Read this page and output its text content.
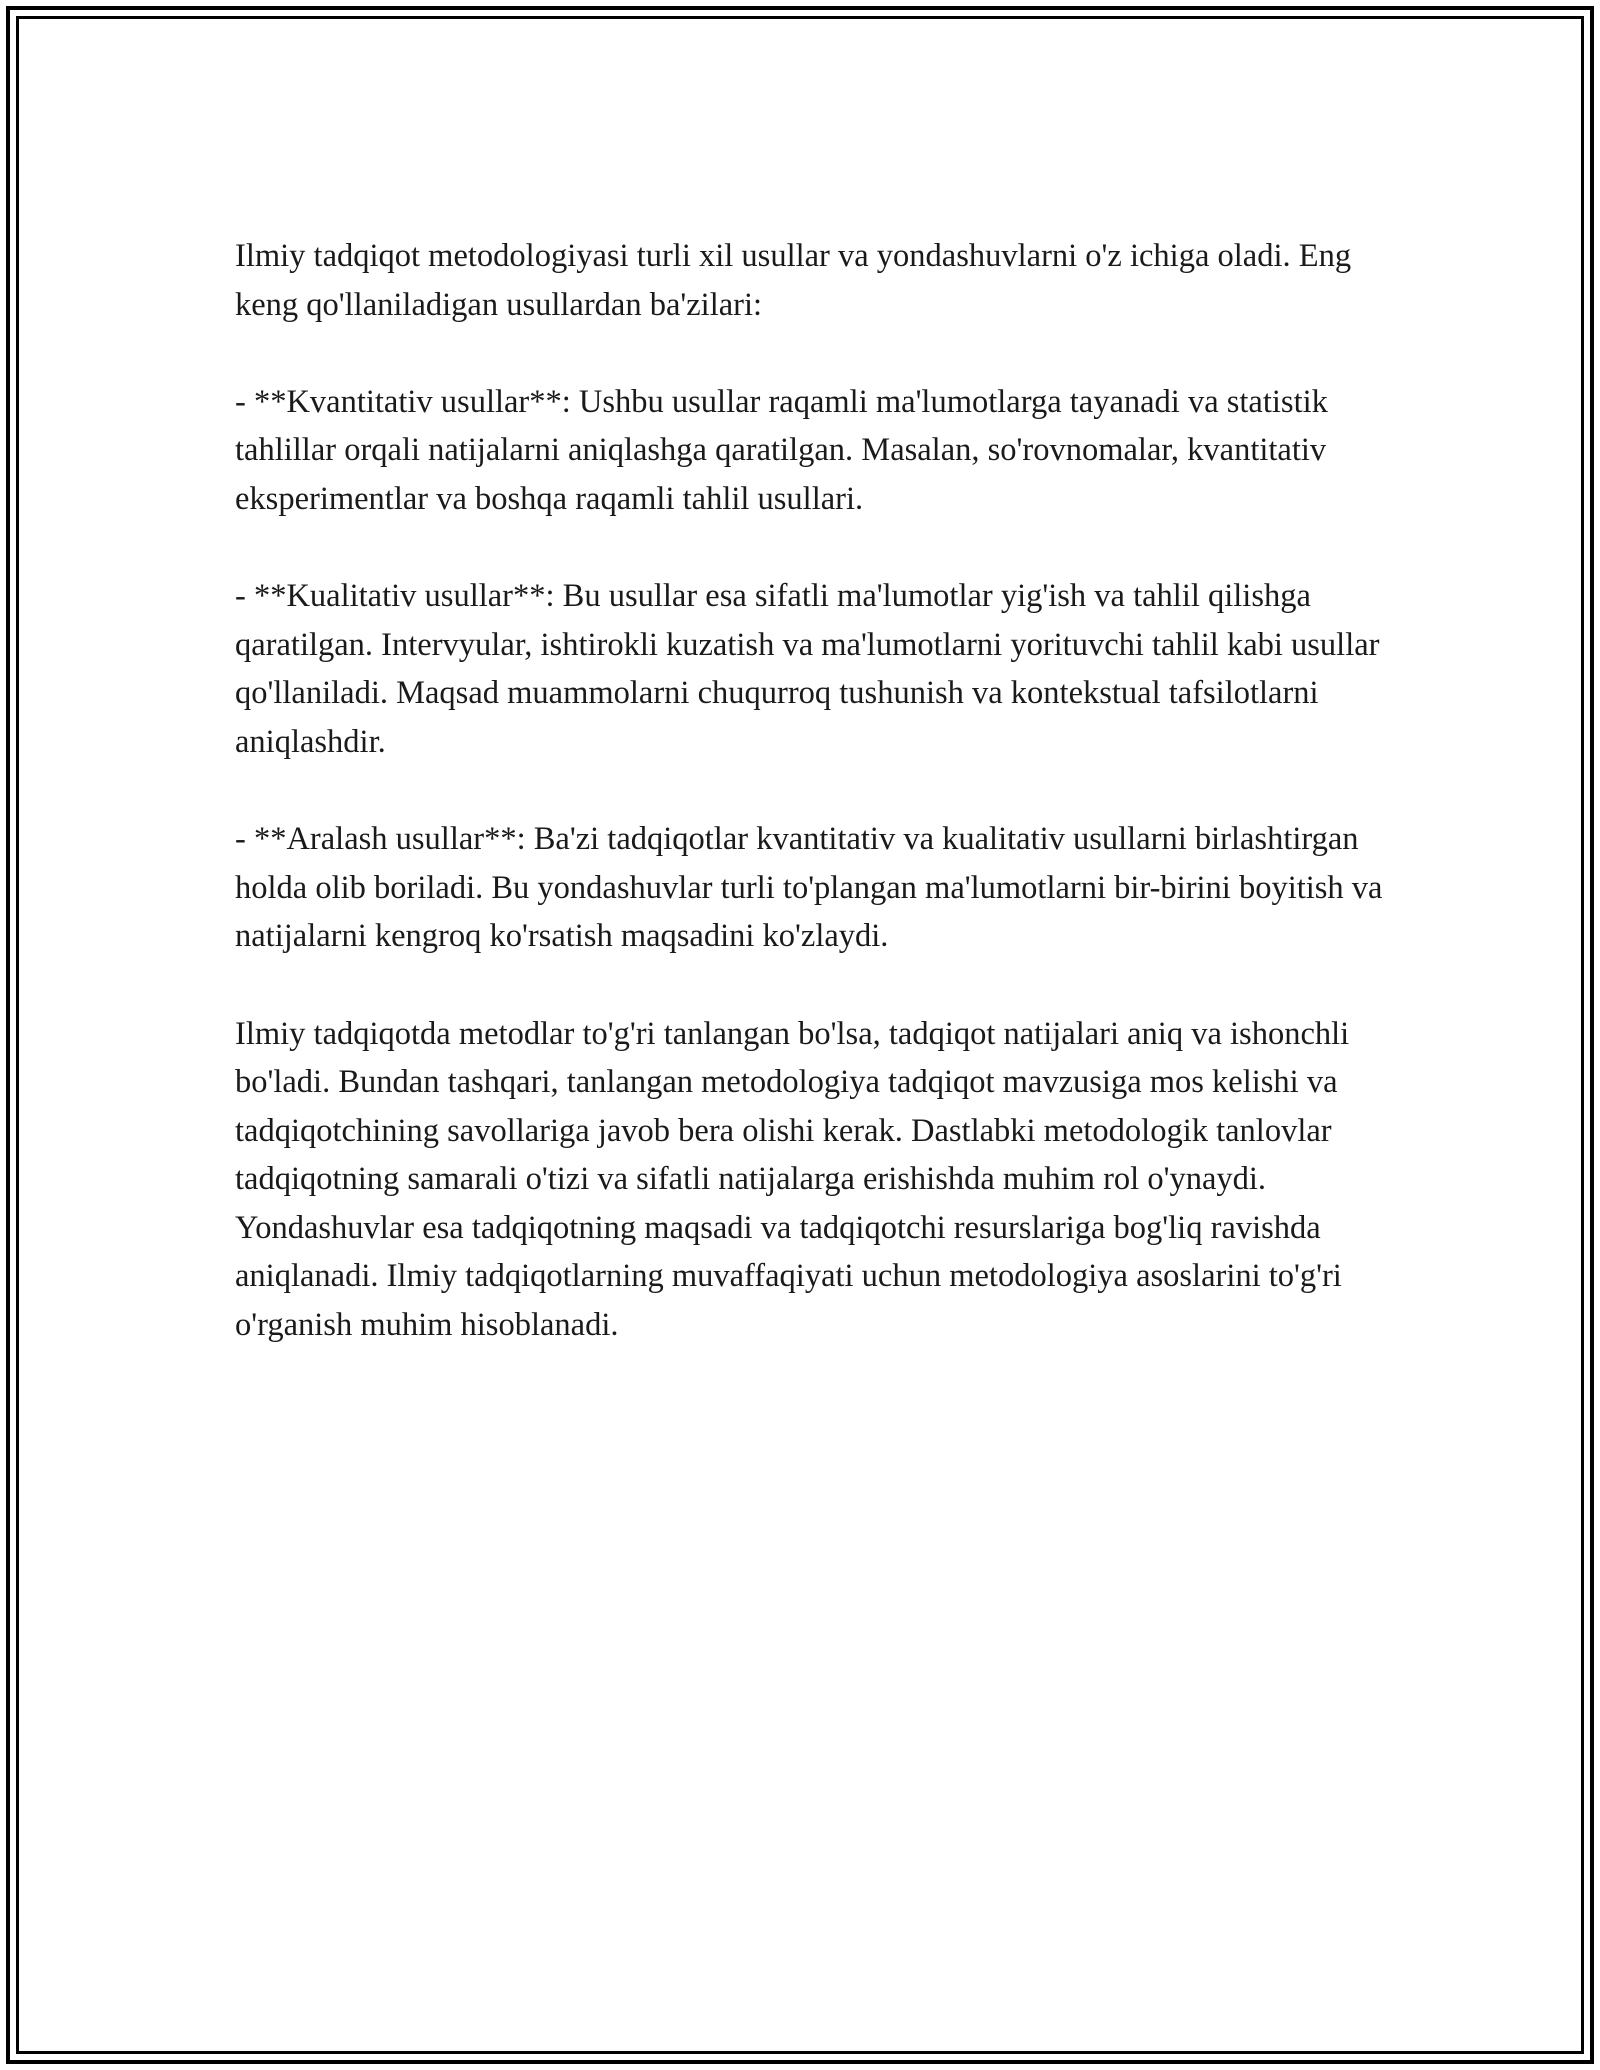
Ilmiy tadqiqot metodologiyasi turli xil usullar va yondashuvlarni o'z ichiga oladi. Eng keng qo'llaniladigan usullardan ba'zilari:

- **Kvantitativ usullar**: Ushbu usullar raqamli ma'lumotlarga tayanadi va statistik tahlillar orqali natijalarni aniqlashga qaratilgan. Masalan, so'rovnomalar, kvantitativ eksperimentlar va boshqa raqamli tahlil usullari.

- **Kualitativ usullar**: Bu usullar esa sifatli ma'lumotlar yig'ish va tahlil qilishga qaratilgan. Intervyular, ishtirokli kuzatish va ma'lumotlarni yorituvchi tahlil kabi usullar qo'llaniladi. Maqsad muammolarni chuqurroq tushunish va kontekstual tafsilotlarni aniqlashdir.

- **Aralash usullar**: Ba'zi tadqiqotlar kvantitativ va kualitativ usullarni birlashtirgan holda olib boriladi. Bu yondashuvlar turli to'plangan ma'lumotlarni bir-birini boyitish va natijalarni kengroq ko'rsatish maqsadini ko'zlaydi.

Ilmiy tadqiqotda metodlar to'g'ri tanlangan bo'lsa, tadqiqot natijalari aniq va ishonchli bo'ladi. Bundan tashqari, tanlangan metodologiya tadqiqot mavzusiga mos kelishi va tadqiqotchining savollariga javob bera olishi kerak. Dastlabki metodologik tanlovlar tadqiqotning samarali o'tizi va sifatli natijalarga erishishda muhim rol o'ynaydi. Yondashuvlar esa tadqiqotning maqsadi va tadqiqotchi resurslariga bog'liq ravishda aniqlanadi. Ilmiy tadqiqotlarning muvaffaqiyati uchun metodologiya asoslarini to'g'ri o'rganish muhim hisoblanadi.
